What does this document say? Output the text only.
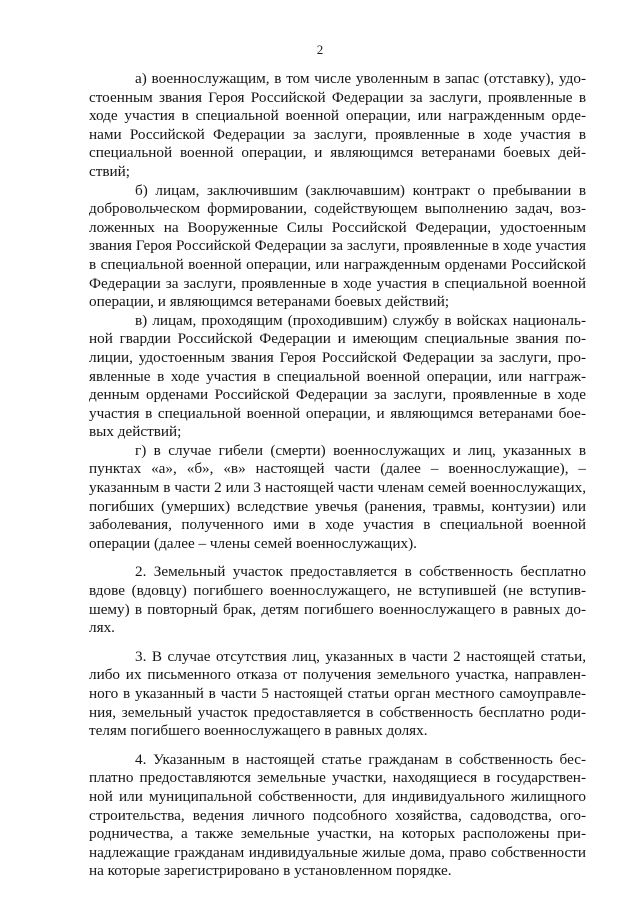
2

а) военнослужащим, в том числе уволенным в запас (отставку), удостоенным звания Героя Российской Федерации за заслуги, проявленные в ходе участия в специальной военной операции, или награжденным орденами Российской Федерации за заслуги, проявленные в ходе участия в специальной военной операции, и являющимся ветеранами боевых действий;

б) лицам, заключившим (заключавшим) контракт о пребывании в добровольческом формировании, содействующем выполнению задач, возложенных на Вооруженные Силы Российской Федерации, удостоенным звания Героя Российской Федерации за заслуги, проявленные в ходе участия в специальной военной операции, или награжденным орденами Российской Федерации за заслуги, проявленные в ходе участия в специальной военной операции, и являющимся ветеранами боевых действий;

в) лицам, проходящим (проходившим) службу в войсках национальной гвардии Российской Федерации и имеющим специальные звания полиции, удостоенным звания Героя Российской Федерации за заслуги, проявленные в ходе участия в специальной военной операции, или наггражденным орденами Российской Федерации за заслуги, проявленные в ходе участия в специальной военной операции, и являющимся ветеранами боевых действий;

г) в случае гибели (смерти) военнослужащих и лиц, указанных в пунктах «а», «б», «в» настоящей части (далее – военнослужащие), – указанным в части 2 или 3 настоящей части членам семей военнослужащих, погибших (умерших) вследствие увечья (ранения, травмы, контузии) или заболевания, полученного ими в ходе участия в специальной военной операции (далее – члены семей военнослужащих).

2. Земельный участок предоставляется в собственность бесплатно вдове (вдовцу) погибшего военнослужащего, не вступившей (не вступившему) в повторный брак, детям погибшего военнослужащего в равных долях.

3. В случае отсутствия лиц, указанных в части 2 настоящей статьи, либо их письменного отказа от получения земельного участка, направленного в указанный в части 5 настоящей статьи орган местного самоуправления, земельный участок предоставляется в собственность бесплатно родителям погибшего военнослужащего в равных долях.

4. Указанным в настоящей статье гражданам в собственность бесплатно предоставляются земельные участки, находящиеся в государственной или муниципальной собственности, для индивидуального жилищного строительства, ведения личного подсобного хозяйства, садоводства, огородничества, а также земельные участки, на которых расположены принадлежащие гражданам индивидуальные жилые дома, право собственности на которые зарегистрировано в установленном порядке.
